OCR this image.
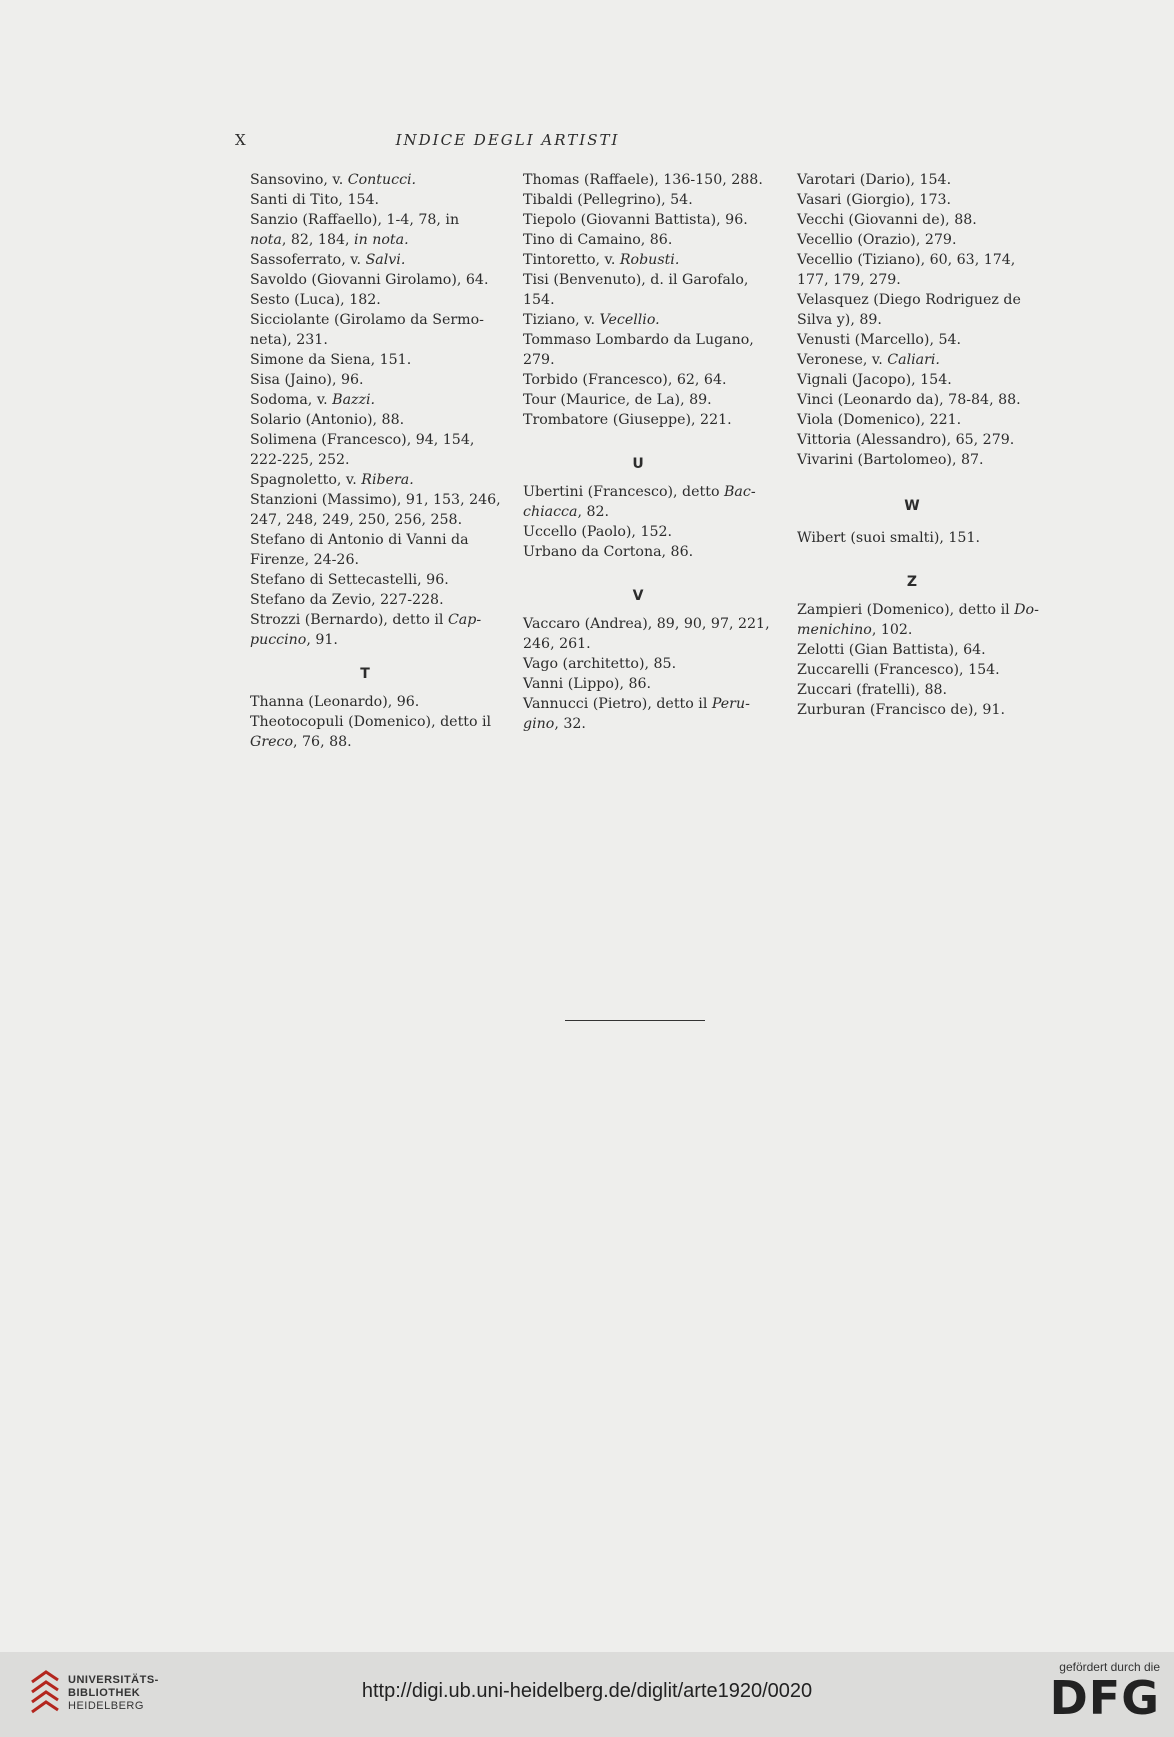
X	INDICE DEGLI ARTISTI
Sansovino, v. Contucci.
Santi di Tito, 154.
Sanzio (Raffaello), 1-4, 78, in
nota, 82, 184, in nota.
Sassoferrato, v. Salvi.
Savoldo (Giovanni Girolamo), 64.
Sesto (Luca), 182.
Sicciolante (Girolamo da Sermo-
neta), 231.
Simone da Siena, 151.
Sisa (Jaino), 96.
Sodoma, v. Bazzi.
Solario (Antonio), 88.
Solimena (Francesco), 94, 154,
222-225, 252.
Spagnoletto, v. Ribera.
Stanzioni (Massimo), 91, 153, 246,
247, 248, 249, 250, 256, 258.
Stefano di Antonio di Vanni da
Firenze, 24-26.
Stefano di Settecastelli, 96.
Stefano da Zevio, 227-228.
Strozzi (Bernardo), detto il Cap-
puccino, 91.
T
Thanna (Leonardo), 96.
Theotocopuli (Domenico), detto il
Greco, 76, 88.
Thomas (Raffaele), 136-150, 288.
Tibaldi (Pellegrino), 54.
Tiepolo (Giovanni Battista), 96.
Tino di Camaino, 86.
Tintoretto, v. Robusti.
Tisi (Benvenuto), d. il Garofalo,
154.
Tiziano, v. Vecellio.
Tommaso Lombardo da Lugano,
279.
Torbido (Francesco), 62, 64.
Tour (Maurice, de La), 89.
Trombatore (Giuseppe), 221.
U
Ubertini (Francesco), detto Bac-
chiacca, 82.
Uccello (Paolo), 152.
Urbano da Cortona, 86.
V
Vaccaro (Andrea), 89, 90, 97, 221,
246, 261.
Vago (architetto), 85.
Vanni (Lippo), 86.
Vannucci (Pietro), detto il Peru-
gino, 32.
Varotari (Dario), 154.
Vasari (Giorgio), 173.
Vecchi (Giovanni de), 88.
Vecellio (Orazio), 279.
Vecellio (Tiziano), 60, 63, 174,
177, 179, 279.
Velasquez (Diego Rodriguez de
Silva y), 89.
Venusti (Marcello), 54.
Veronese, v. Caliari.
Vignali (Jacopo), 154.
Vinci (Leonardo da), 78-84, 88.
Viola (Domenico), 221.
Vittoria (Alessandro), 65, 279.
Vivarini (Bartolomeo), 87.
W
Wibert (suoi smalti), 151.
Z
Zampieri (Domenico), detto il Do-
menichino, 102.
Zelotti (Gian Battista), 64.
Zuccarelli (Francesco), 154.
Zuccari (fratelli), 88.
Zurburan (Francisco de), 91.
UNIVERSITÄTS-
BIBLIOTHEK
HEIDELBERG
http://digi.ub.uni-heidelberg.de/diglit/arte1920/0020
gefördert durch die
DFG
